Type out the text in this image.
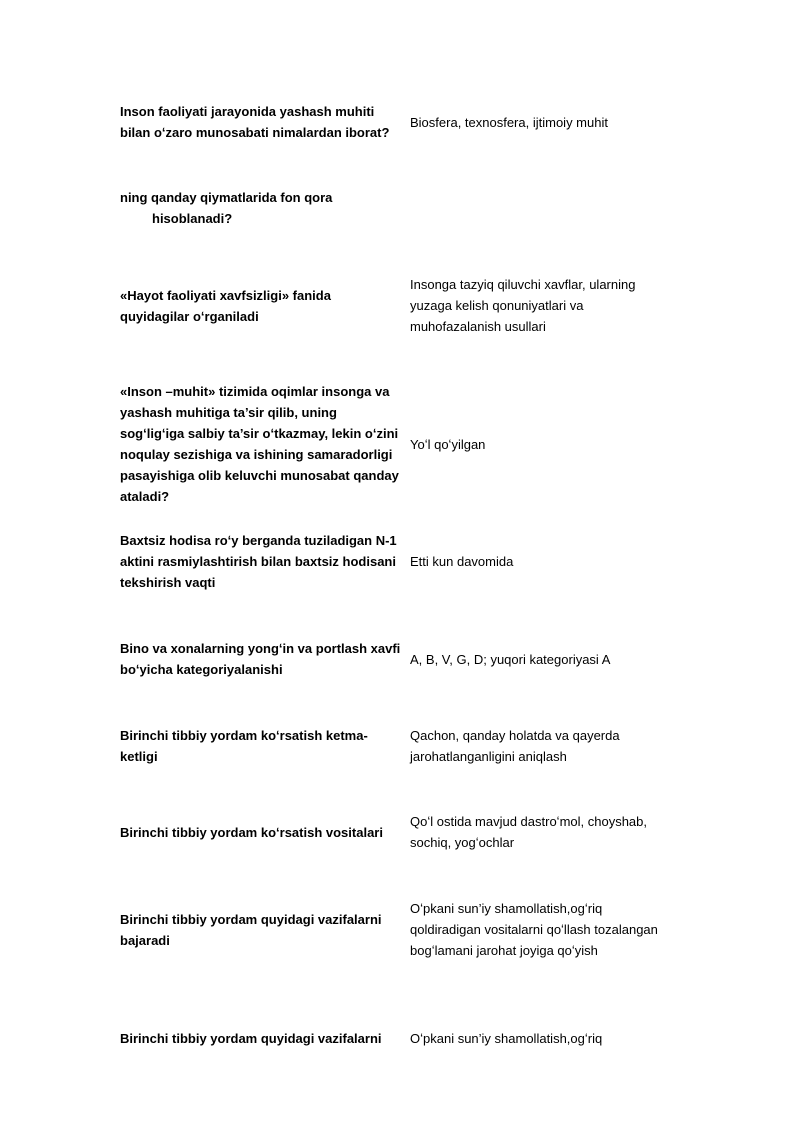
Inson faoliyati jarayonida yashash muhiti bilan oʻzaro munosabati nimalardan iborat?
Biosfera, texnosfera, ijtimoiy muhit
ning qanday qiymatlarida fon qora
hisoblanadi?
«Hayot faoliyati xavfsizligi» fanida quyidagilar oʻrganiladi
Insonga tazyiq qiluvchi xavflar, ularning yuzaga kelish qonuniyatlari va muhofazalanish usullari
«Inson –muhit» tizimida oqimlar insonga va yashash muhitiga ta’sir qilib, uning sogʻligʻiga salbiy ta’sir oʻtkazmay, lekin oʻzini noqulay sezishiga va ishining samaradorligi pasayishiga olib keluvchi munosabat qanday ataladi?
Yoʻl qoʻyilgan
Baxtsiz hodisa roʻy berganda tuziladigan N-1 aktini rasmiylashtirish bilan baxtsiz hodisani tekshirish vaqti
Etti kun davomida
Bino va xonalarning yongʻin va portlash xavfi boʻyicha kategoriyalanishi
A, B, V, G, D; yuqori kategoriyasi A
Birinchi tibbiy yordam koʻrsatish ketma-ketligi
Qachon, qanday holatda va qayerda jarohatlanganligini aniqlash
Birinchi tibbiy yordam koʻrsatish vositalari
Qoʻl ostida mavjud dastroʻmol, choyshab, sochiq, yogʻochlar
Birinchi tibbiy yordam quyidagi vazifalarni bajaradi
Oʻpkani sun’iy shamollatish,ogʻriq qoldiradigan vositalarni qoʻllash tozalangan bogʻlamani jarohat joyiga qoʻyish
Birinchi tibbiy yordam quyidagi vazifalarni	Oʻpkani sun’iy shamollatish,ogʻriq
